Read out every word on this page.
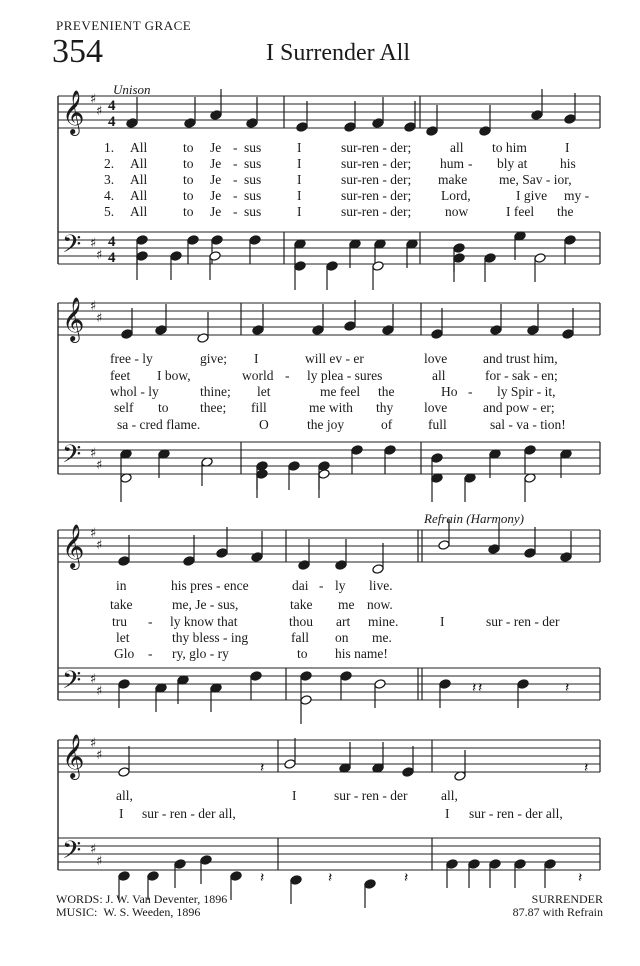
PREVENIENT GRACE
354	I Surrender All
𝄞
𝄢
♯
♯
♯
♯
4
4
4
4
𝄞
𝄢
♯
♯
♯
♯
𝄞
𝄢
♯
♯
♯
♯
𝄞
𝄢
♯
♯
♯
♯
𝄽	𝄽
𝄽	𝄽
𝄽	𝄽	𝄽	𝄽
𝄽
Unison
Refrain (Harmony)
1. All	to Je - sus	I	sur-ren - der;	all to him	I
2. All	to Je - sus	I	sur-ren - der; hum - bly at his
3. All	to Je - sus	I	sur-ren - der; make me, Sav - ior,
4. All	to Je - sus	I	sur-ren - der; Lord,	I give my -
5. All	to Je - sus	I	sur-ren - der;	now	I feel the
free - ly	give; I	will ev - er	love	and trust him,
feet I bow,	world - ly plea - sures	all	for - sak - en;
whol - ly	thine; let	me feel the	Ho - ly Spir - it,
self to thee; fill	me with thy love	and pow - er;
sa - cred flame.	O	the joy	of	full	sal - va - tion!
in	his pres - ence	dai - ly live.
take	me, Je - sus,	take me now.
tru - ly know that	thou art mine.	I	sur - ren - der
let	thy bless - ing	fall on me.
Glo - ry, glo - ry	to his name!
all,	I	sur - ren - der all,
I sur - ren - der all,	I sur - ren - der all,
WORDS: J. W. Van Deventer, 1896
MUSIC: W. S. Weeden, 1896
SURRENDER
87.87 with Refrain
